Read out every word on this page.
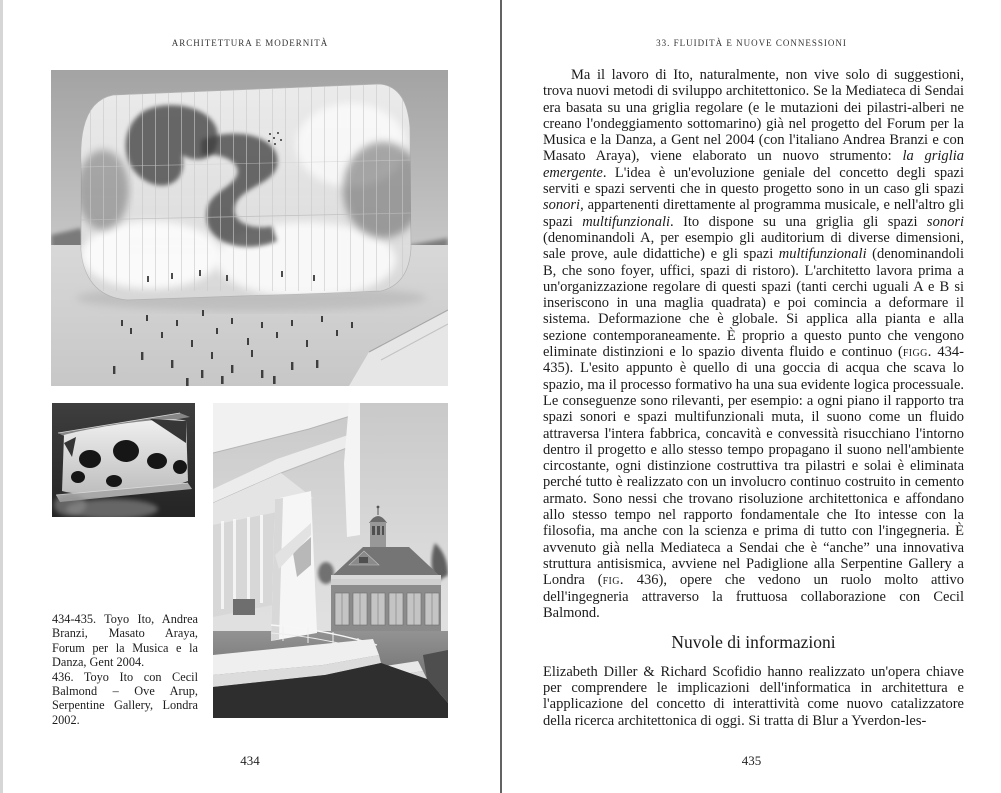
ARCHITETTURA E MODERNITÀ

434-435. Toyo Ito, Andrea Branzi, Masato Araya, Forum per la Musica e la Danza, Gent 2004.

436. Toyo Ito con Cecil Balmond – Ove Arup, Serpentine Gallery, Londra 2002.

434
33. FLUIDITÀ E NUOVE CONNESSIONI

Ma il lavoro di Ito, naturalmente, non vive solo di suggestioni, trova nuovi metodi di sviluppo architettonico. Se la Mediateca di Sendai era basata su una griglia regolare (e le mutazioni dei pilastri-alberi ne creano l'ondeggiamento sottomarino) già nel progetto del Forum per la Musica e la Danza, a Gent nel 2004 (con l'italiano Andrea Branzi e con Masato Araya), viene elaborato un nuovo strumento: la griglia emergente. L'idea è un'evoluzione geniale del concetto degli spazi serviti e spazi serventi che in questo progetto sono in un caso gli spazi sonori, appartenenti direttamente al programma musicale, e nell'altro gli spazi multifunzionali. Ito dispone su una griglia gli spazi sonori (denominandoli A, per esempio gli auditorium di diverse dimensioni, sale prove, aule didattiche) e gli spazi multifunzionali (denominandoli B, che sono foyer, uffici, spazi di ristoro). L'architetto lavora prima a un'organizzazione regolare di questi spazi (tanti cerchi uguali A e B si inseriscono in una maglia quadrata) e poi comincia a deformare il sistema. Deformazione che è globale. Si applica alla pianta e alla sezione contemporaneamente. È proprio a questo punto che vengono eliminate distinzioni e lo spazio diventa fluido e continuo (figg. 434-435). L'esito appunto è quello di una goccia di acqua che scava lo spazio, ma il processo formativo ha una sua evidente logica processuale. Le conseguenze sono rilevanti, per esempio: a ogni piano il rapporto tra spazi sonori e spazi multifunzionali muta, il suono come un fluido attraversa l'intera fabbrica, concavità e convessità risucchiano l'intorno dentro il progetto e allo stesso tempo propagano il suono nell'ambiente circostante, ogni distinzione costruttiva tra pilastri e solai è eliminata perché tutto è realizzato con un involucro continuo costruito in cemento armato. Sono nessi che trovano risoluzione architettonica e affondano allo stesso tempo nel rapporto fondamentale che Ito intesse con la filosofia, ma anche con la scienza e prima di tutto con l'ingegneria. È avvenuto già nella Mediateca a Sendai che è “anche” una innovativa struttura antisismica, avviene nel Padiglione alla Serpentine Gallery a Londra (fig. 436), opere che vedono un ruolo molto attivo dell'ingegneria attraverso la fruttuosa collaborazione con Cecil Balmond.

Nuvole di informazioni

Elizabeth Diller & Richard Scofidio hanno realizzato un'opera chiave per comprendere le implicazioni dell'informatica in architettura e l'applicazione del concetto di interattività come nuovo catalizzatore della ricerca architettonica di oggi. Si tratta di Blur a Yverdon-les-

435
